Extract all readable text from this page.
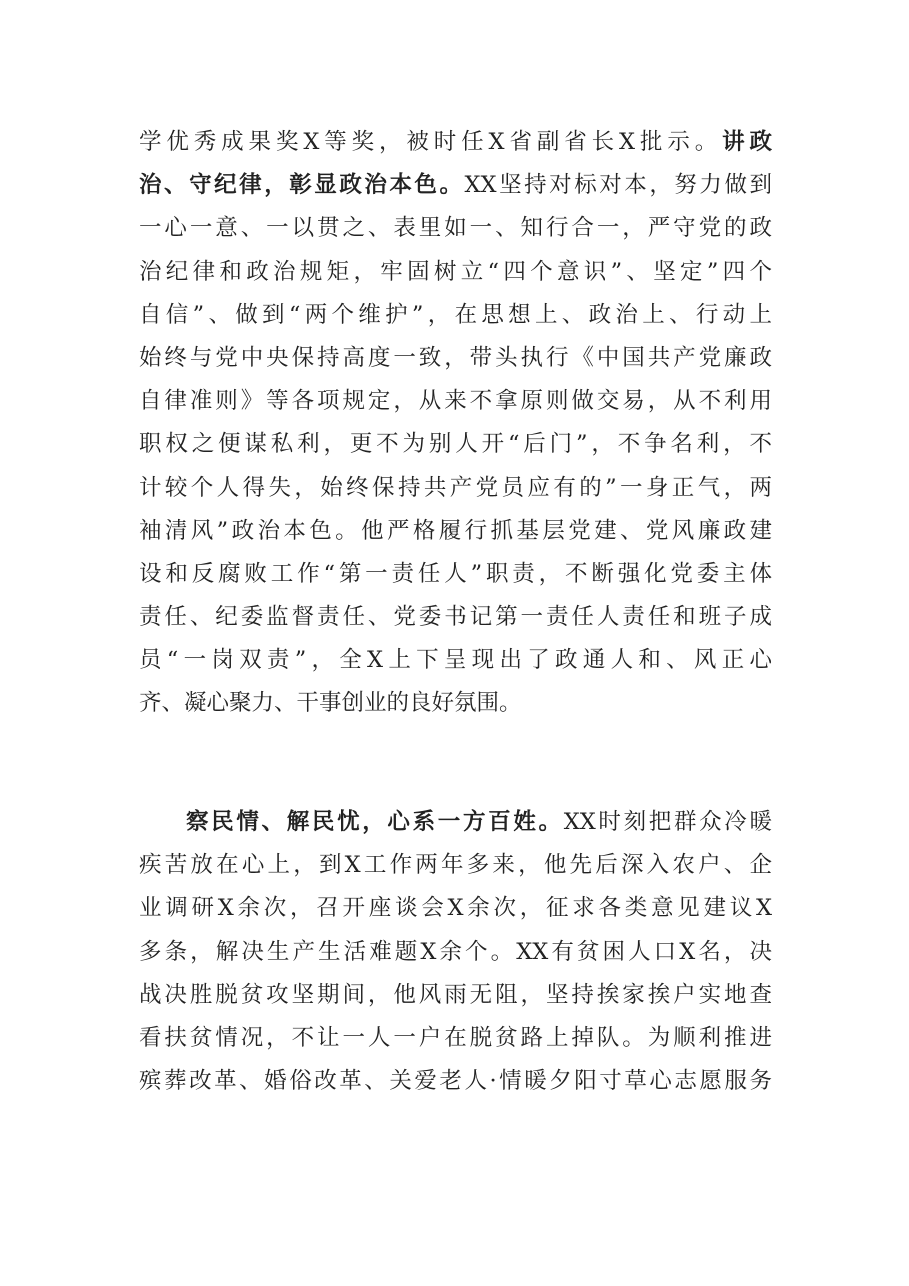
学优秀成果奖X等奖，被时任X省副省长X批示。讲政
治、守纪律，彰显政治本色。XX坚持对标对本，努力做到
一心一意、一以贯之、表里如一、知行合一，严守党的政
治纪律和政治规矩，牢固树立“四个意识”、坚定”四个
自信”、做到“两个维护”，在思想上、政治上、行动上
始终与党中央保持高度一致，带头执行《中国共产党廉政
自律准则》等各项规定，从来不拿原则做交易，从不利用
职权之便谋私利，更不为别人开“后门”，不争名利，不
计较个人得失，始终保持共产党员应有的”一身正气，两
袖清风”政治本色。他严格履行抓基层党建、党风廉政建
设和反腐败工作“第一责任人”职责，不断强化党委主体
责任、纪委监督责任、党委书记第一责任人责任和班子成
员“一岗双责”，全X上下呈现出了政通人和、风正心
齐、凝心聚力、干事创业的良好氛围。
察民情、解民忧，心系一方百姓。XX时刻把群众冷暖
疾苦放在心上，到X工作两年多来，他先后深入农户、企
业调研X余次，召开座谈会X余次，征求各类意见建议X
多条，解决生产生活难题X余个。XX有贫困人口X名，决
战决胜脱贫攻坚期间，他风雨无阻，坚持挨家挨户实地查
看扶贫情况，不让一人一户在脱贫路上掉队。为顺利推进
殡葬改革、婚俗改革、关爱老人·情暖夕阳寸草心志愿服务
